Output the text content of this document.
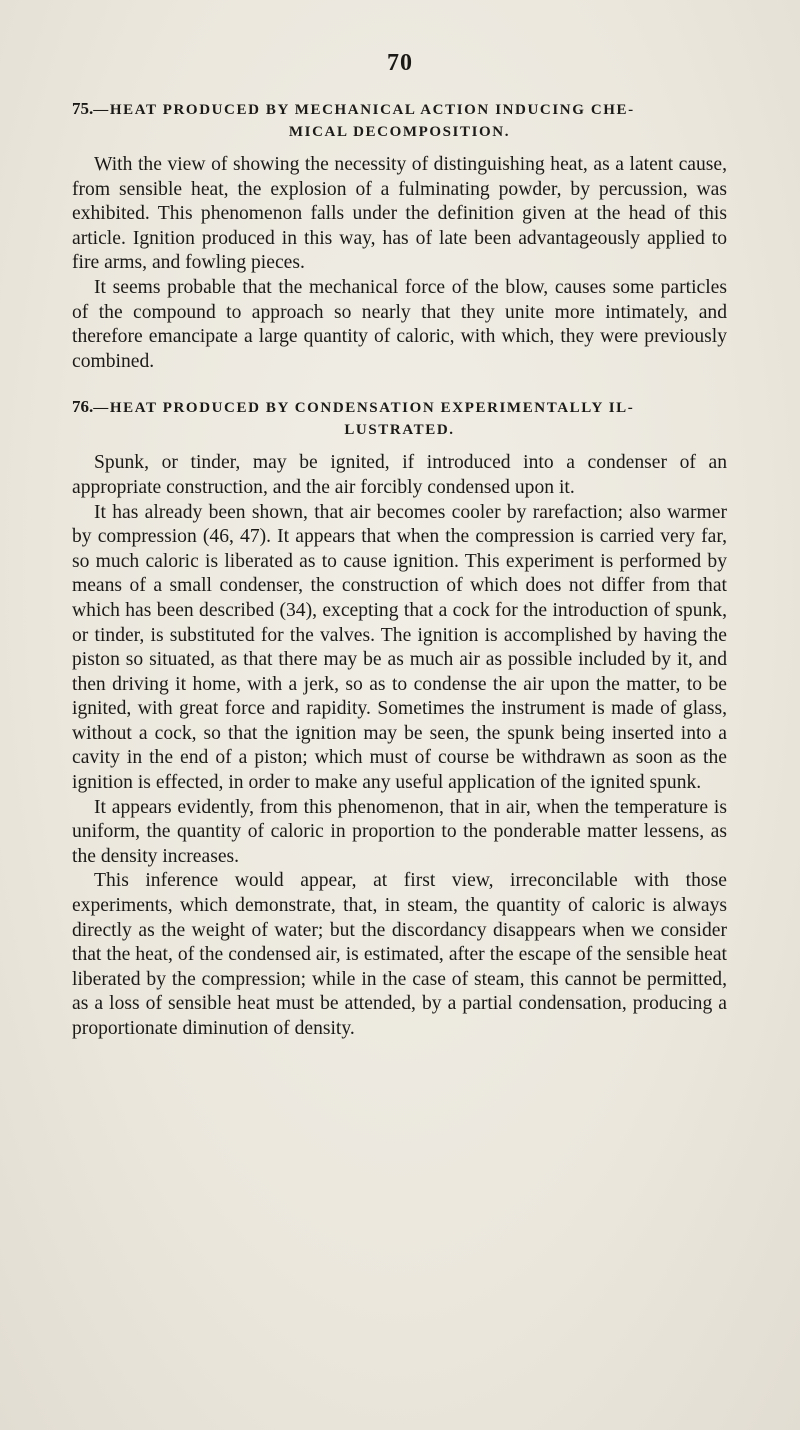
70
75.—HEAT PRODUCED BY MECHANICAL ACTION INDUCING CHE-
MICAL DECOMPOSITION.

With the view of showing the necessity of distinguishing heat, as a latent cause, from sensible heat, the explosion of a fulminating powder, by percussion, was exhibited. This phenomenon falls under the definition given at the head of this article. Ignition produced in this way, has of late been advantageously applied to fire arms, and fowling pieces.

It seems probable that the mechanical force of the blow, causes some particles of the compound to approach so nearly that they unite more intimately, and therefore emancipate a large quantity of caloric, with which, they were previously combined.

76.—HEAT PRODUCED BY CONDENSATION EXPERIMENTALLY IL-
LUSTRATED.

Spunk, or tinder, may be ignited, if introduced into a condenser of an appropriate construction, and the air forcibly condensed upon it.

It has already been shown, that air becomes cooler by rarefaction; also warmer by compression (46, 47). It appears that when the compression is carried very far, so much caloric is liberated as to cause ignition. This experiment is performed by means of a small condenser, the construction of which does not differ from that which has been described (34), excepting that a cock for the introduction of spunk, or tinder, is substituted for the valves. The ignition is accomplished by having the piston so situated, as that there may be as much air as possible included by it, and then driving it home, with a jerk, so as to condense the air upon the matter, to be ignited, with great force and rapidity. Sometimes the instrument is made of glass, without a cock, so that the ignition may be seen, the spunk being inserted into a cavity in the end of a piston; which must of course be withdrawn as soon as the ignition is effected, in order to make any useful application of the ignited spunk.

It appears evidently, from this phenomenon, that in air, when the temperature is uniform, the quantity of caloric in proportion to the ponderable matter lessens, as the density increases.

This inference would appear, at first view, irreconcilable with those experiments, which demonstrate, that, in steam, the quantity of caloric is always directly as the weight of water; but the discordancy disappears when we consider that the heat, of the condensed air, is estimated, after the escape of the sensible heat liberated by the compression; while in the case of steam, this cannot be permitted, as a loss of sensible heat must be attended, by a partial condensation, producing a proportionate diminution of density.
